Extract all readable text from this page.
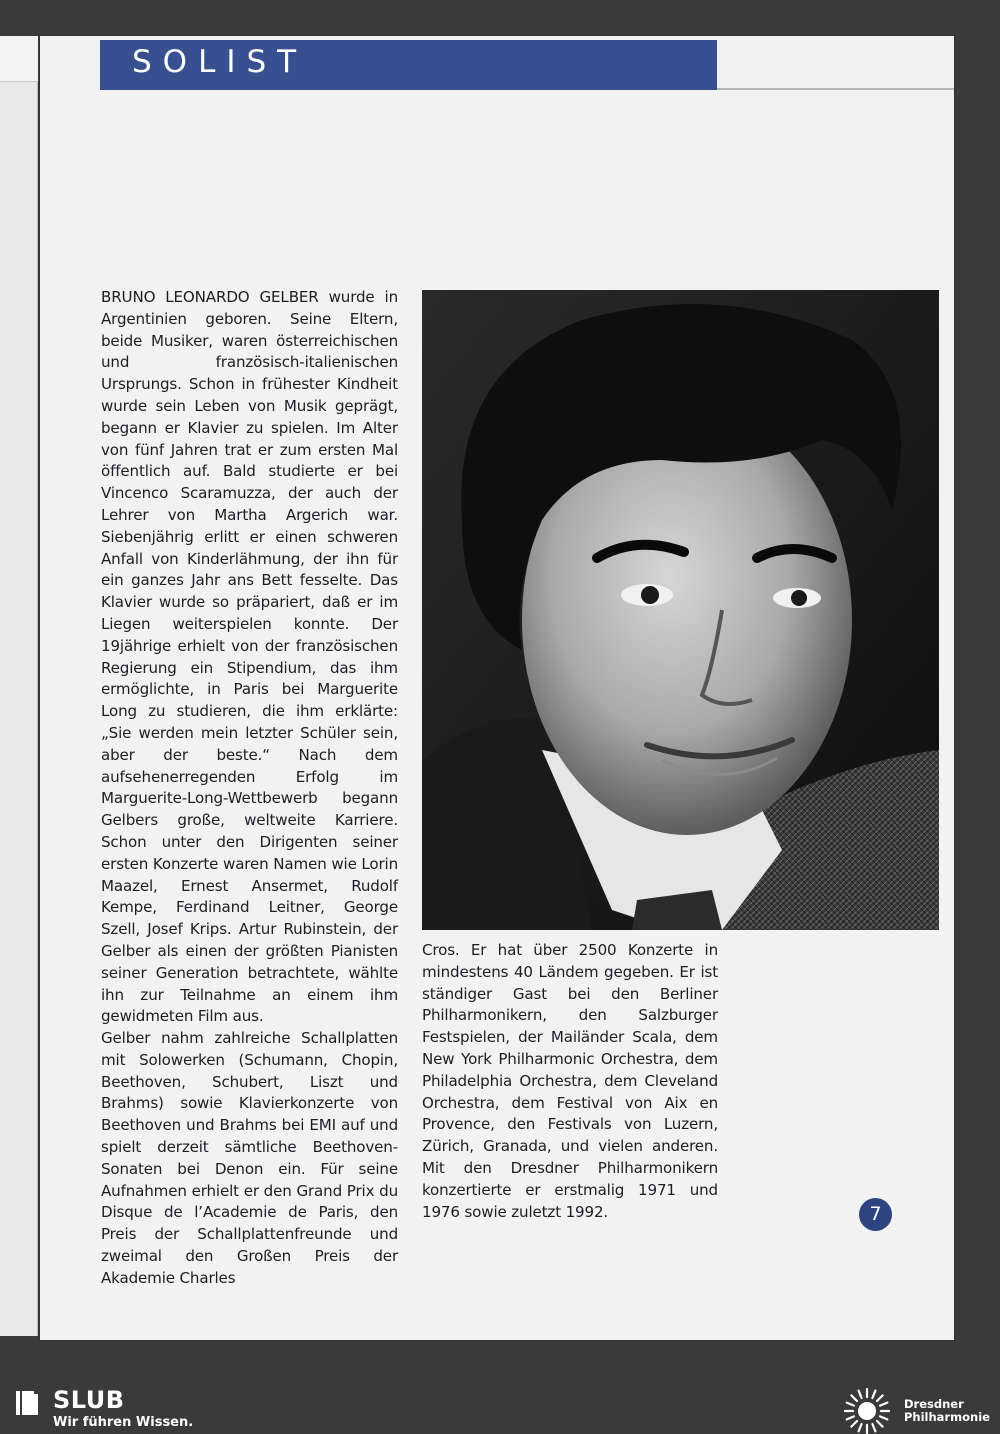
SOLIST

BRUNO LEONARDO GELBER wurde in Argentinien geboren. Seine Eltern, beide Musiker, waren österreichischen und französisch-italienischen Ursprungs. Schon in frühester Kindheit wurde sein Leben von Musik geprägt, begann er Klavier zu spielen. Im Alter von fünf Jahren trat er zum ersten Mal öffentlich auf. Bald studierte er bei Vincenco Scaramuzza, der auch der Lehrer von Martha Argerich war. Siebenjährig erlitt er einen schweren Anfall von Kinderlähmung, der ihn für ein ganzes Jahr ans Bett fesselte. Das Klavier wurde so präpariert, daß er im Liegen weiterspielen konnte. Der 19jährige erhielt von der französischen Regierung ein Stipendium, das ihm ermöglichte, in Paris bei Marguerite Long zu studieren, die ihm erklärte: „Sie werden mein letzter Schüler sein, aber der beste.“ Nach dem aufsehenerregenden Erfolg im Marguerite-Long-Wettbewerb begann Gelbers große, weltweite Karriere. Schon unter den Dirigenten seiner ersten Konzerte waren Namen wie Lorin Maazel, Ernest Ansermet, Rudolf Kempe, Ferdinand Leitner, George Szell, Josef Krips. Artur Rubinstein, der Gelber als einen der größten Pianisten seiner Generation betrachtete, wählte ihn zur Teilnahme an einem ihm gewidmeten Film aus.

Gelber nahm zahlreiche Schallplatten mit Solowerken (Schumann, Chopin, Beethoven, Schubert, Liszt und Brahms) sowie Klavierkonzerte von Beethoven und Brahms bei EMI auf und spielt derzeit sämtliche Beethoven-Sonaten bei Denon ein. Für seine Aufnahmen erhielt er den Grand Prix du Disque de l’Academie de Paris, den Preis der Schallplattenfreunde und zweimal den Großen Preis der Akademie Charles

Cros. Er hat über 2500 Konzerte in mindestens 40 Ländem gegeben. Er ist ständiger Gast bei den Berliner Philharmonikern, den Salzburger Festspielen, der Mailänder Scala, dem New York Philharmonic Orchestra, dem Philadelphia Orchestra, dem Cleveland Orchestra, dem Festival von Aix en Provence, den Festivals von Luzern, Zürich, Granada, und vielen anderen. Mit den Dresdner Philharmonikern konzertierte er erstmalig 1971 und 1976 sowie zuletzt 1992.	7
SLUB
Wir führen Wissen.
Dresdner
Philharmonie
